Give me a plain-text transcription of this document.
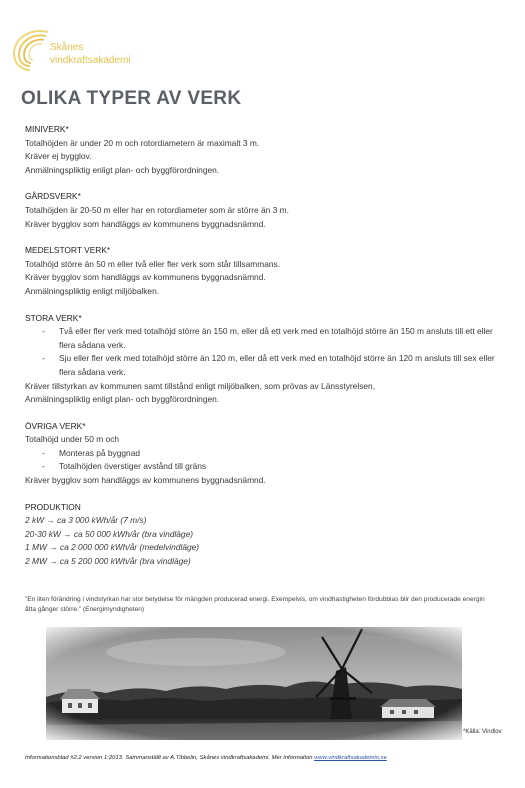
Skånes
vindkraftsakademi
OLIKA TYPER AV VERK
MINIVERK*
Totalhöjden är under 20 m och rotordiametern är maximalt 3 m.
Kräver ej bygglov.
Anmälningspliktig enligt plan- och byggförordningen.
GÅRDSVERK*
Totalhöjden är 20-50 m eller har en rotordiameter som är större än 3 m.
Kräver bygglov som handläggs av kommunens byggnadsnämnd.
MEDELSTORT VERK*
Totalhöjd större än 50 m eller två eller fler verk som står tillsammans.
Kräver bygglov som handläggs av kommunens byggnadsnämnd.
Anmälningspliktig enligt miljöbalken.
STORA VERK*
-	Två eller fler verk med totalhöjd större än 150 m, eller då ett verk med en totalhöjd större än 150 m ansluts till ett eller flera sådana verk.
-	Sju eller fler verk med totalhöjd större än 120 m, eller då ett verk med en totalhöjd större än 120 m ansluts till sex eller flera sådana verk.
Kräver tillstyrkan av kommunen samt tillstånd enligt miljöbalken, som prövas av Länsstyrelsen,
Anmälningspliktig enligt plan- och byggförordningen.
ÖVRIGA VERK*
Totalhöjd under 50 m och
-	Monteras på byggnad
-	Totalhöjden överstiger avstånd till gräns
Kräver bygglov som handläggs av kommunens byggnadsnämnd.
PRODUKTION
2 kW → ca 3 000 kWh/år (7 m/s)
20-30 kW → ca 50 000 kWh/år (bra vindläge)
1 MW → ca 2 000 000 kWh/år (medelvindläge)
2 MW → ca 5 200 000 kWh/år (bra vindläge)
”En liten förändring i vindstyrkan har stor betydelse för mängden producerad energi. Exempelvis, om vindhastigheten fördubblas blir den producerade energin åtta gånger större.” (Energimyndigheten)
*Källa: Vindlov
Informationsblad #2.2 version 1:2013. Sammanställt av A.Tibbelin, Skånes vindkraftsakademi. Mer information www.vindkraftsakademin.se
